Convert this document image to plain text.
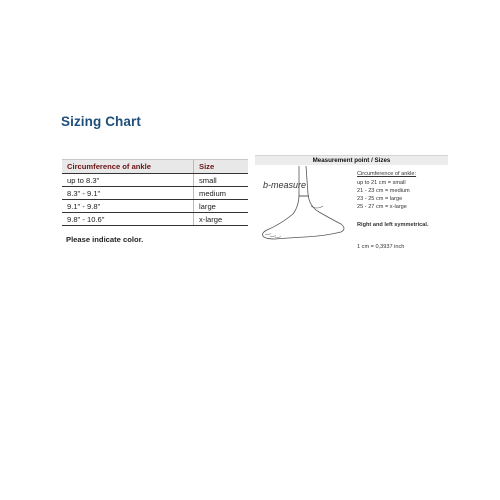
Sizing Chart
Circumference of ankle	Size
up to 8.3"	small
8.3" - 9.1"	medium
9.1" - 9.8"	large
9.8" - 10.6"	x-large
Please indicate color.
Measurement point / Sizes
b-measure
Circumference of ankle:
up to 21 cm = small
21 - 23 cm = medium
23 - 25 cm = large
25 - 27 cm = x-large
Right and left symmetrical.
1 cm = 0,3937 inch
